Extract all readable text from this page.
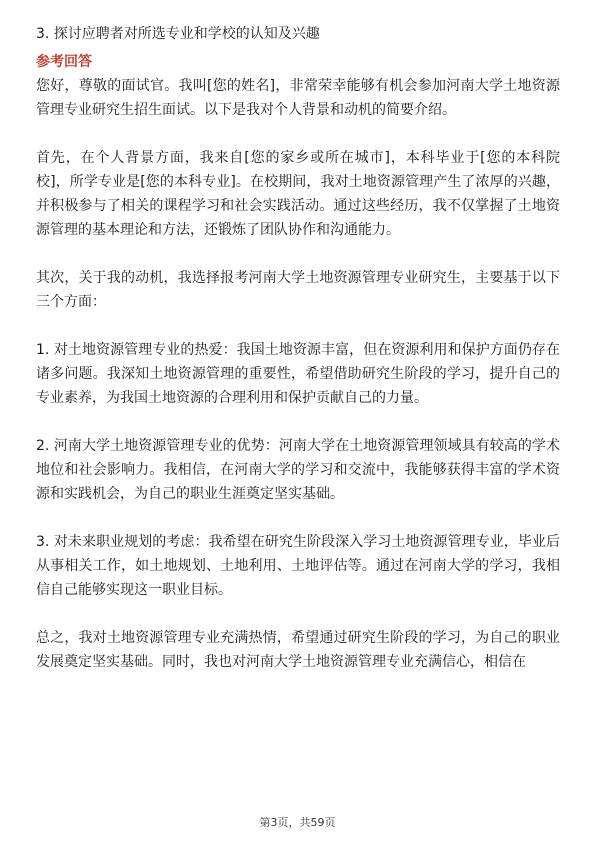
3. 探讨应聘者对所选专业和学校的认知及兴趣

参考回答

您好，尊敬的面试官。我叫[您的姓名]，非常荣幸能够有机会参加河南大学土地资源管理专业研究生招生面试。以下是我对个人背景和动机的简要介绍。

首先，在个人背景方面，我来自[您的家乡或所在城市]，本科毕业于[您的本科院校]，所学专业是[您的本科专业]。在校期间，我对土地资源管理产生了浓厚的兴趣，并积极参与了相关的课程学习和社会实践活动。通过这些经历，我不仅掌握了土地资源管理的基本理论和方法，还锻炼了团队协作和沟通能力。

其次，关于我的动机，我选择报考河南大学土地资源管理专业研究生，主要基于以下三个方面：

1. 对土地资源管理专业的热爱：我国土地资源丰富，但在资源利用和保护方面仍存在诸多问题。我深知土地资源管理的重要性，希望借助研究生阶段的学习，提升自己的专业素养，为我国土地资源的合理利用和保护贡献自己的力量。

2. 河南大学土地资源管理专业的优势：河南大学在土地资源管理领域具有较高的学术地位和社会影响力。我相信，在河南大学的学习和交流中，我能够获得丰富的学术资源和实践机会，为自己的职业生涯奠定坚实基础。

3. 对未来职业规划的考虑：我希望在研究生阶段深入学习土地资源管理专业，毕业后从事相关工作，如土地规划、土地利用、土地评估等。通过在河南大学的学习，我相信自己能够实现这一职业目标。

总之，我对土地资源管理专业充满热情，希望通过研究生阶段的学习，为自己的职业发展奠定坚实基础。同时，我也对河南大学土地资源管理专业充满信心，相信在

第3页，共59页
